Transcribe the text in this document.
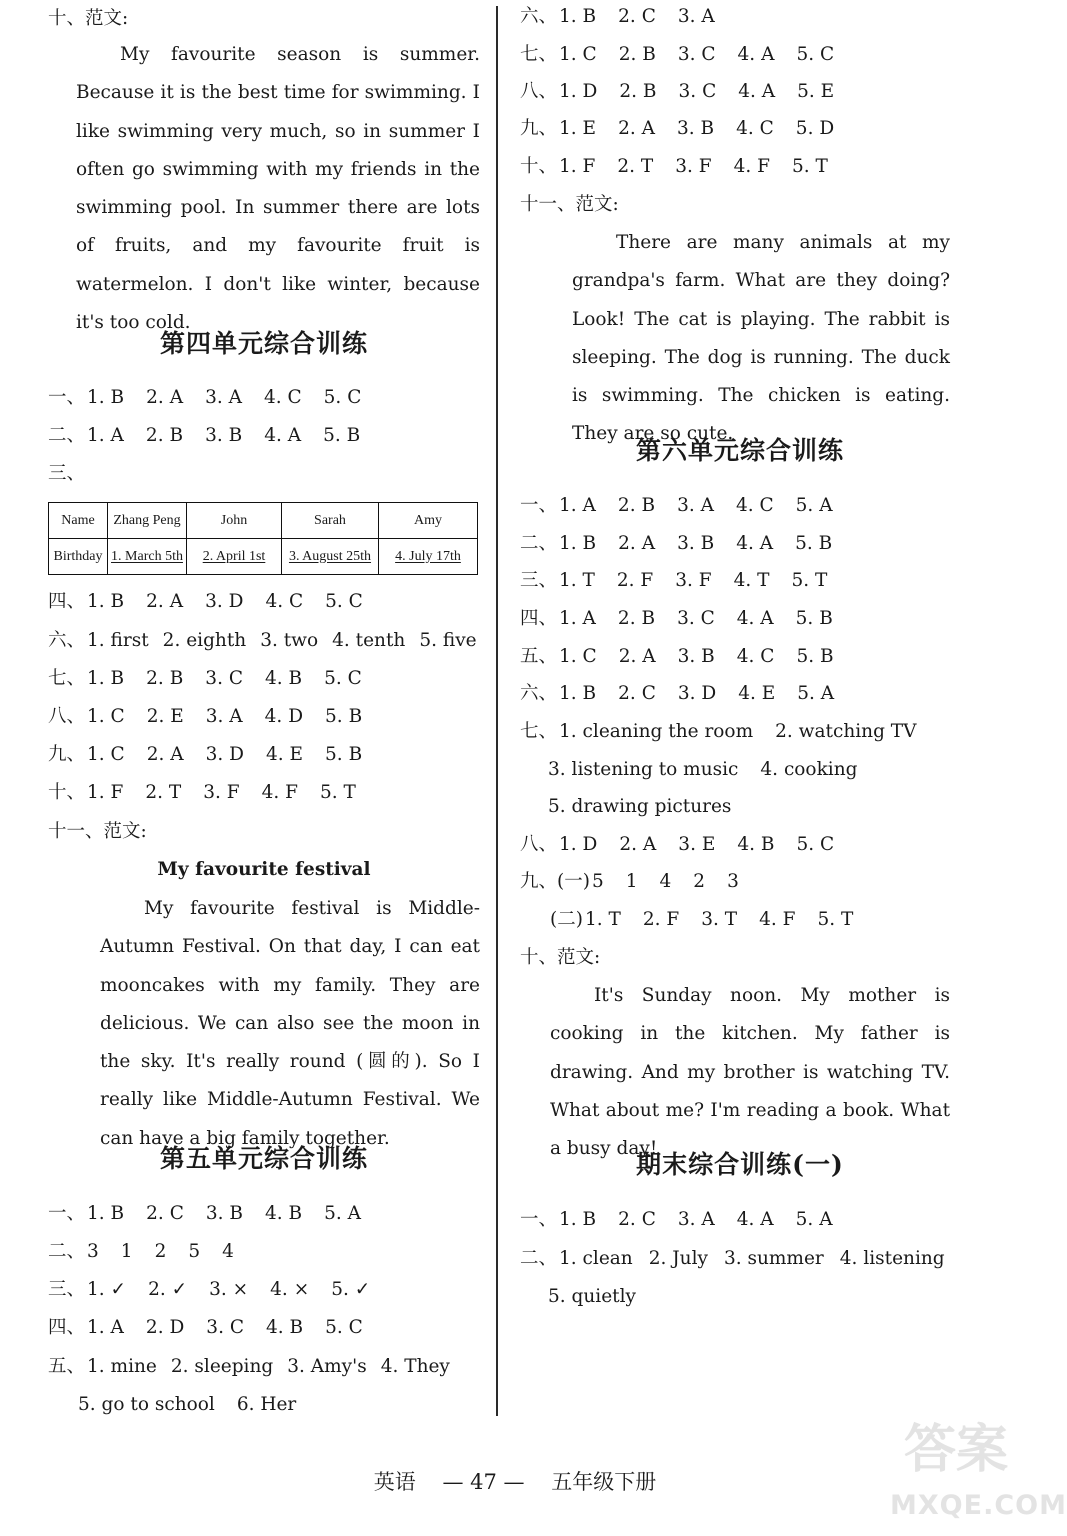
十、范文:
My favourite season is summer. Because it is the best time for swimming. I like swimming very much, so in summer I often go swimming with my friends in the swimming pool. In summer there are lots of fruits, and my favourite fruit is watermelon. I don't like winter, because it's too cold.
第四单元综合训练
一、 1. B 2. A 3. A 4. C 5. C
二、 1. A 2. B 3. B 4. A 5. B
三、
Name	Zhang Peng	John	Sarah	Amy
Birthday	1. March 5th	2. April 1st	3. August 25th	4. July 17th
四、 1. B 2. A 3. D 4. C 5. C
六、 1. first 2. eighth 3. two 4. tenth 5. five
七、 1. B 2. B 3. C 4. B 5. C
八、 1. C 2. E 3. A 4. D 5. B
九、 1. C 2. A 3. D 4. E 5. B
十、 1. F 2. T 3. F 4. F 5. T
十一、范文:
My favourite festival
My favourite festival is Middle-Autumn Festival. On that day, I can eat mooncakes with my family. They are delicious. We can also see the moon in the sky. It's really round (圆的). So I really like Middle-Autumn Festival. We can have a big family together.
第五单元综合训练
一、 1. B 2. C 3. B 4. B 5. A
二、 3 1 2 5 4
三、 1. ✓ 2. ✓ 3. × 4. × 5. ✓
四、 1. A 2. D 3. C 4. B 5. C
五、 1. mine 2. sleeping 3. Amy's 4. They
5. go to school 6. Her
六、 1. B 2. C 3. A
七、 1. C 2. B 3. C 4. A 5. C
八、 1. D 2. B 3. C 4. A 5. E
九、 1. E 2. A 3. B 4. C 5. D
十、 1. F 2. T 3. F 4. F 5. T
十一、范文:
There are many animals at my grandpa's farm. What are they doing? Look! The cat is playing. The rabbit is sleeping. The dog is running. The duck is swimming. The chicken is eating. They are so cute.
第六单元综合训练
一、 1. A 2. B 3. A 4. C 5. A
二、 1. B 2. A 3. B 4. A 5. B
三、 1. T 2. F 3. F 4. T 5. T
四、 1. A 2. B 3. C 4. A 5. B
五、 1. C 2. A 3. B 4. C 5. B
六、 1. B 2. C 3. D 4. E 5. A
七、 1. cleaning the room 2. watching TV
3. listening to music 4. cooking
5. drawing pictures
八、 1. D 2. A 3. E 4. B 5. C
九、(一) 5 1 4 2 3
(二) 1. T 2. F 3. T 4. F 5. T
十、范文:
It's Sunday noon. My mother is cooking in the kitchen. My father is drawing. And my brother is watching TV. What about me? I'm reading a book. What a busy day!
期末综合训练(一)
一、 1. B 2. C 3. A 4. A 5. A
二、 1. clean 2. July 3. summer 4. listening
5. quietly
英语 — 47 — 五年级下册
答案
MXQE.COM
